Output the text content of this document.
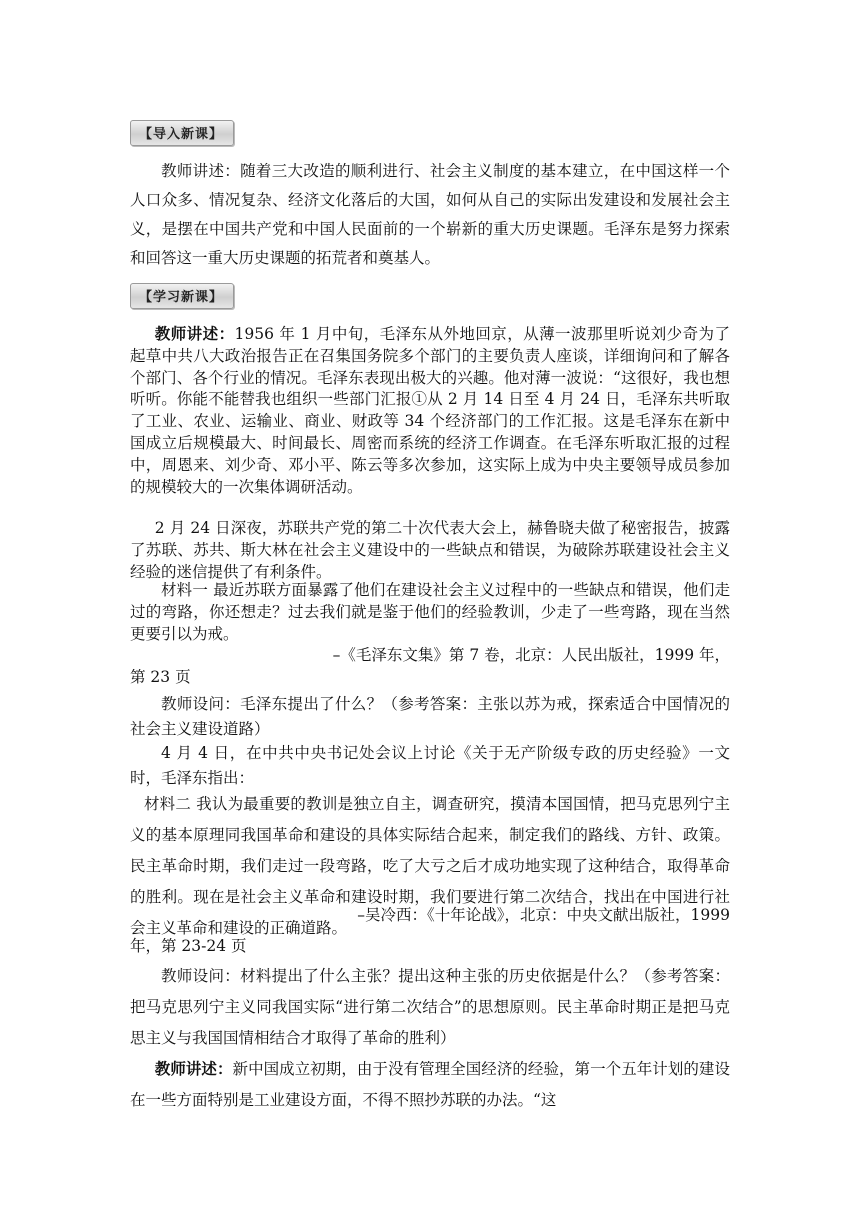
【导入新课】

教师讲述：随着三大改造的顺利进行、社会主义制度的基本建立，在中国这样一个人口众多、情况复杂、经济文化落后的大国，如何从自己的实际出发建设和发展社会主义，是摆在中国共产党和中国人民面前的一个崭新的重大历史课题。毛泽东是努力探索和回答这一重大历史课题的拓荒者和奠基人。

【学习新课】

教师讲述：1956 年 1 月中旬，毛泽东从外地回京，从薄一波那里听说刘少奇为了起草中共八大政治报告正在召集国务院多个部门的主要负责人座谈，详细询问和了解各个部门、各个行业的情况。毛泽东表现出极大的兴趣。他对薄一波说：“这很好，我也想听听。你能不能替我也组织一些部门汇报①从 2 月 14 日至 4 月 24 日，毛泽东共听取了工业、农业、运输业、商业、财政等 34 个经济部门的工作汇报。这是毛泽东在新中国成立后规模最大、时间最长、周密而系统的经济工作调查。在毛泽东听取汇报的过程中，周恩来、刘少奇、邓小平、陈云等多次参加，这实际上成为中央主要领导成员参加的规模较大的一次集体调研活动。

2 月 24 日深夜，苏联共产党的第二十次代表大会上，赫鲁晓夫做了秘密报告，披露了苏联、苏共、斯大林在社会主义建设中的一些缺点和错误，为破除苏联建设社会主义经验的迷信提供了有利条件。

材料一 最近苏联方面暴露了他们在建设社会主义过程中的一些缺点和错误，他们走过的弯路，你还想走？过去我们就是鉴于他们的经验教训，少走了一些弯路，现在当然更要引以为戒。

–《毛泽东文集》第 7 卷，北京：人民出版社，1999 年，

第 23 页

教师设问：毛泽东提出了什么？（参考答案：主张以苏为戒，探索适合中国情况的社会主义建设道路）

4 月 4 日，在中共中央书记处会议上讨论《关于无产阶级专政的历史经验》一文时，毛泽东指出：

材料二 我认为最重要的教训是独立自主，调查研究，摸清本国国情，把马克思列宁主义的基本原理同我国革命和建设的具体实际结合起来，制定我们的路线、方针、政策。民主革命时期，我们走过一段弯路，吃了大亏之后才成功地实现了这种结合，取得革命的胜利。现在是社会主义革命和建设时期，我们要进行第二次结合，找出在中国进行社会主义革命和建设的正确道路。

–吴冷西：《十年论战》，北京：中央文献出版社，1999

年，第 23-24 页

教师设问：材料提出了什么主张？提出这种主张的历史依据是什么？（参考答案：把马克思列宁主义同我国实际“进行第二次结合”的思想原则。民主革命时期正是把马克思主义与我国国情相结合才取得了革命的胜利）

教师讲述：新中国成立初期，由于没有管理全国经济的经验，第一个五年计划的建设在一些方面特别是工业建设方面，不得不照抄苏联的办法。“这
